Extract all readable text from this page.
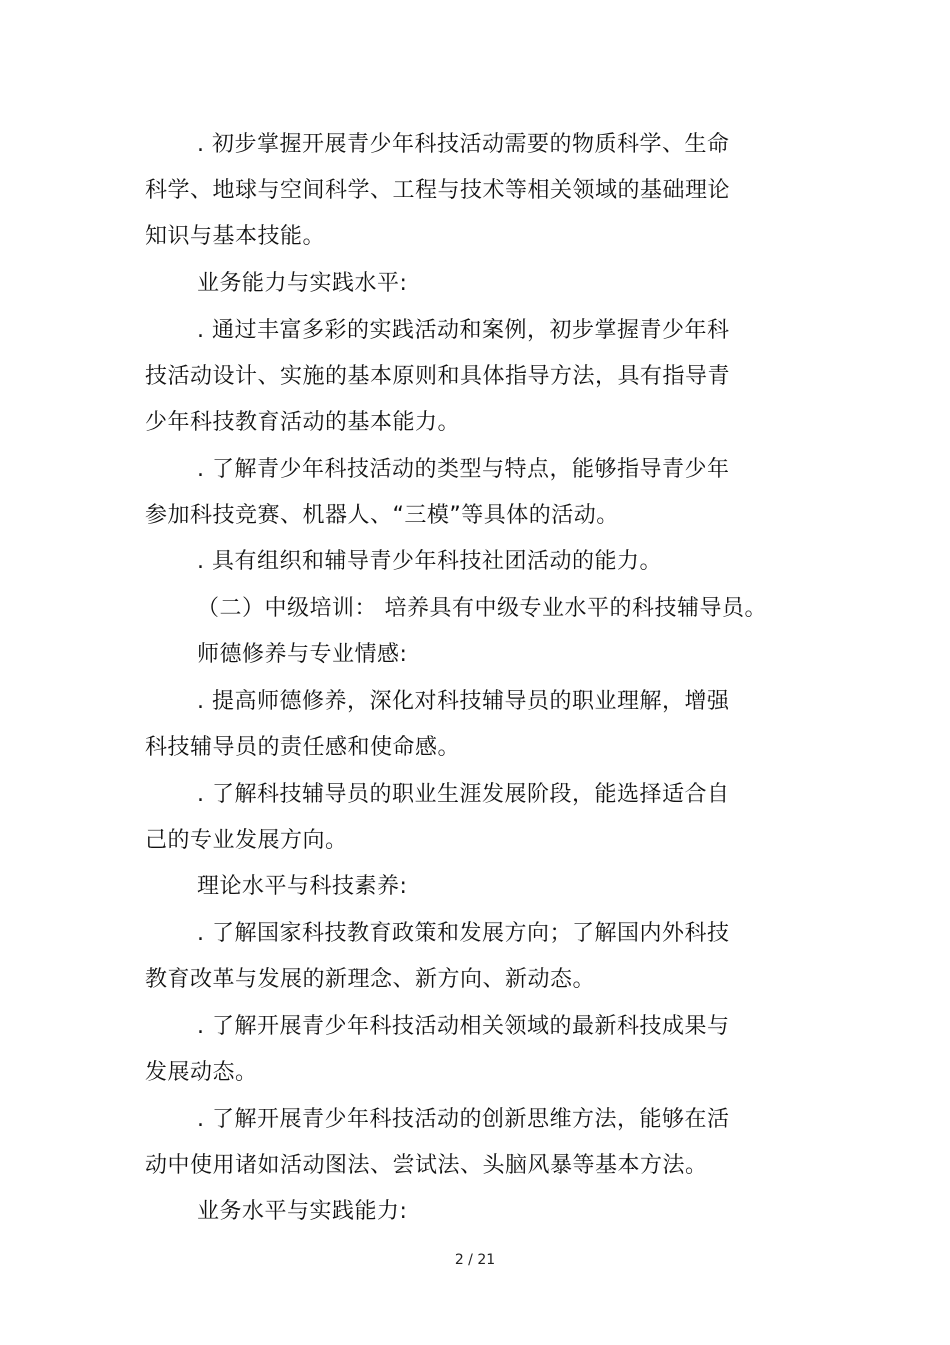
. 初步掌握开展青少年科技活动需要的物质科学、生命
科学、地球与空间科学、工程与技术等相关领域的基础理论
知识与基本技能。
业务能力与实践水平:
. 通过丰富多彩的实践活动和案例，初步掌握青少年科
技活动设计、实施的基本原则和具体指导方法，具有指导青
少年科技教育活动的基本能力。
. 了解青少年科技活动的类型与特点，能够指导青少年
参加科技竞赛、机器人、“三模”等具体的活动。
. 具有组织和辅导青少年科技社团活动的能力。
（二）中级培训： 培养具有中级专业水平的科技辅导员。
师德修养与专业情感:
. 提高师德修养，深化对科技辅导员的职业理解，增强
科技辅导员的责任感和使命感。
. 了解科技辅导员的职业生涯发展阶段，能选择适合自
己的专业发展方向。
理论水平与科技素养:
. 了解国家科技教育政策和发展方向；了解国内外科技
教育改革与发展的新理念、新方向、新动态。
. 了解开展青少年科技活动相关领域的最新科技成果与
发展动态。
. 了解开展青少年科技活动的创新思维方法，能够在活
动中使用诸如活动图法、尝试法、头脑风暴等基本方法。
业务水平与实践能力:
2 / 21
